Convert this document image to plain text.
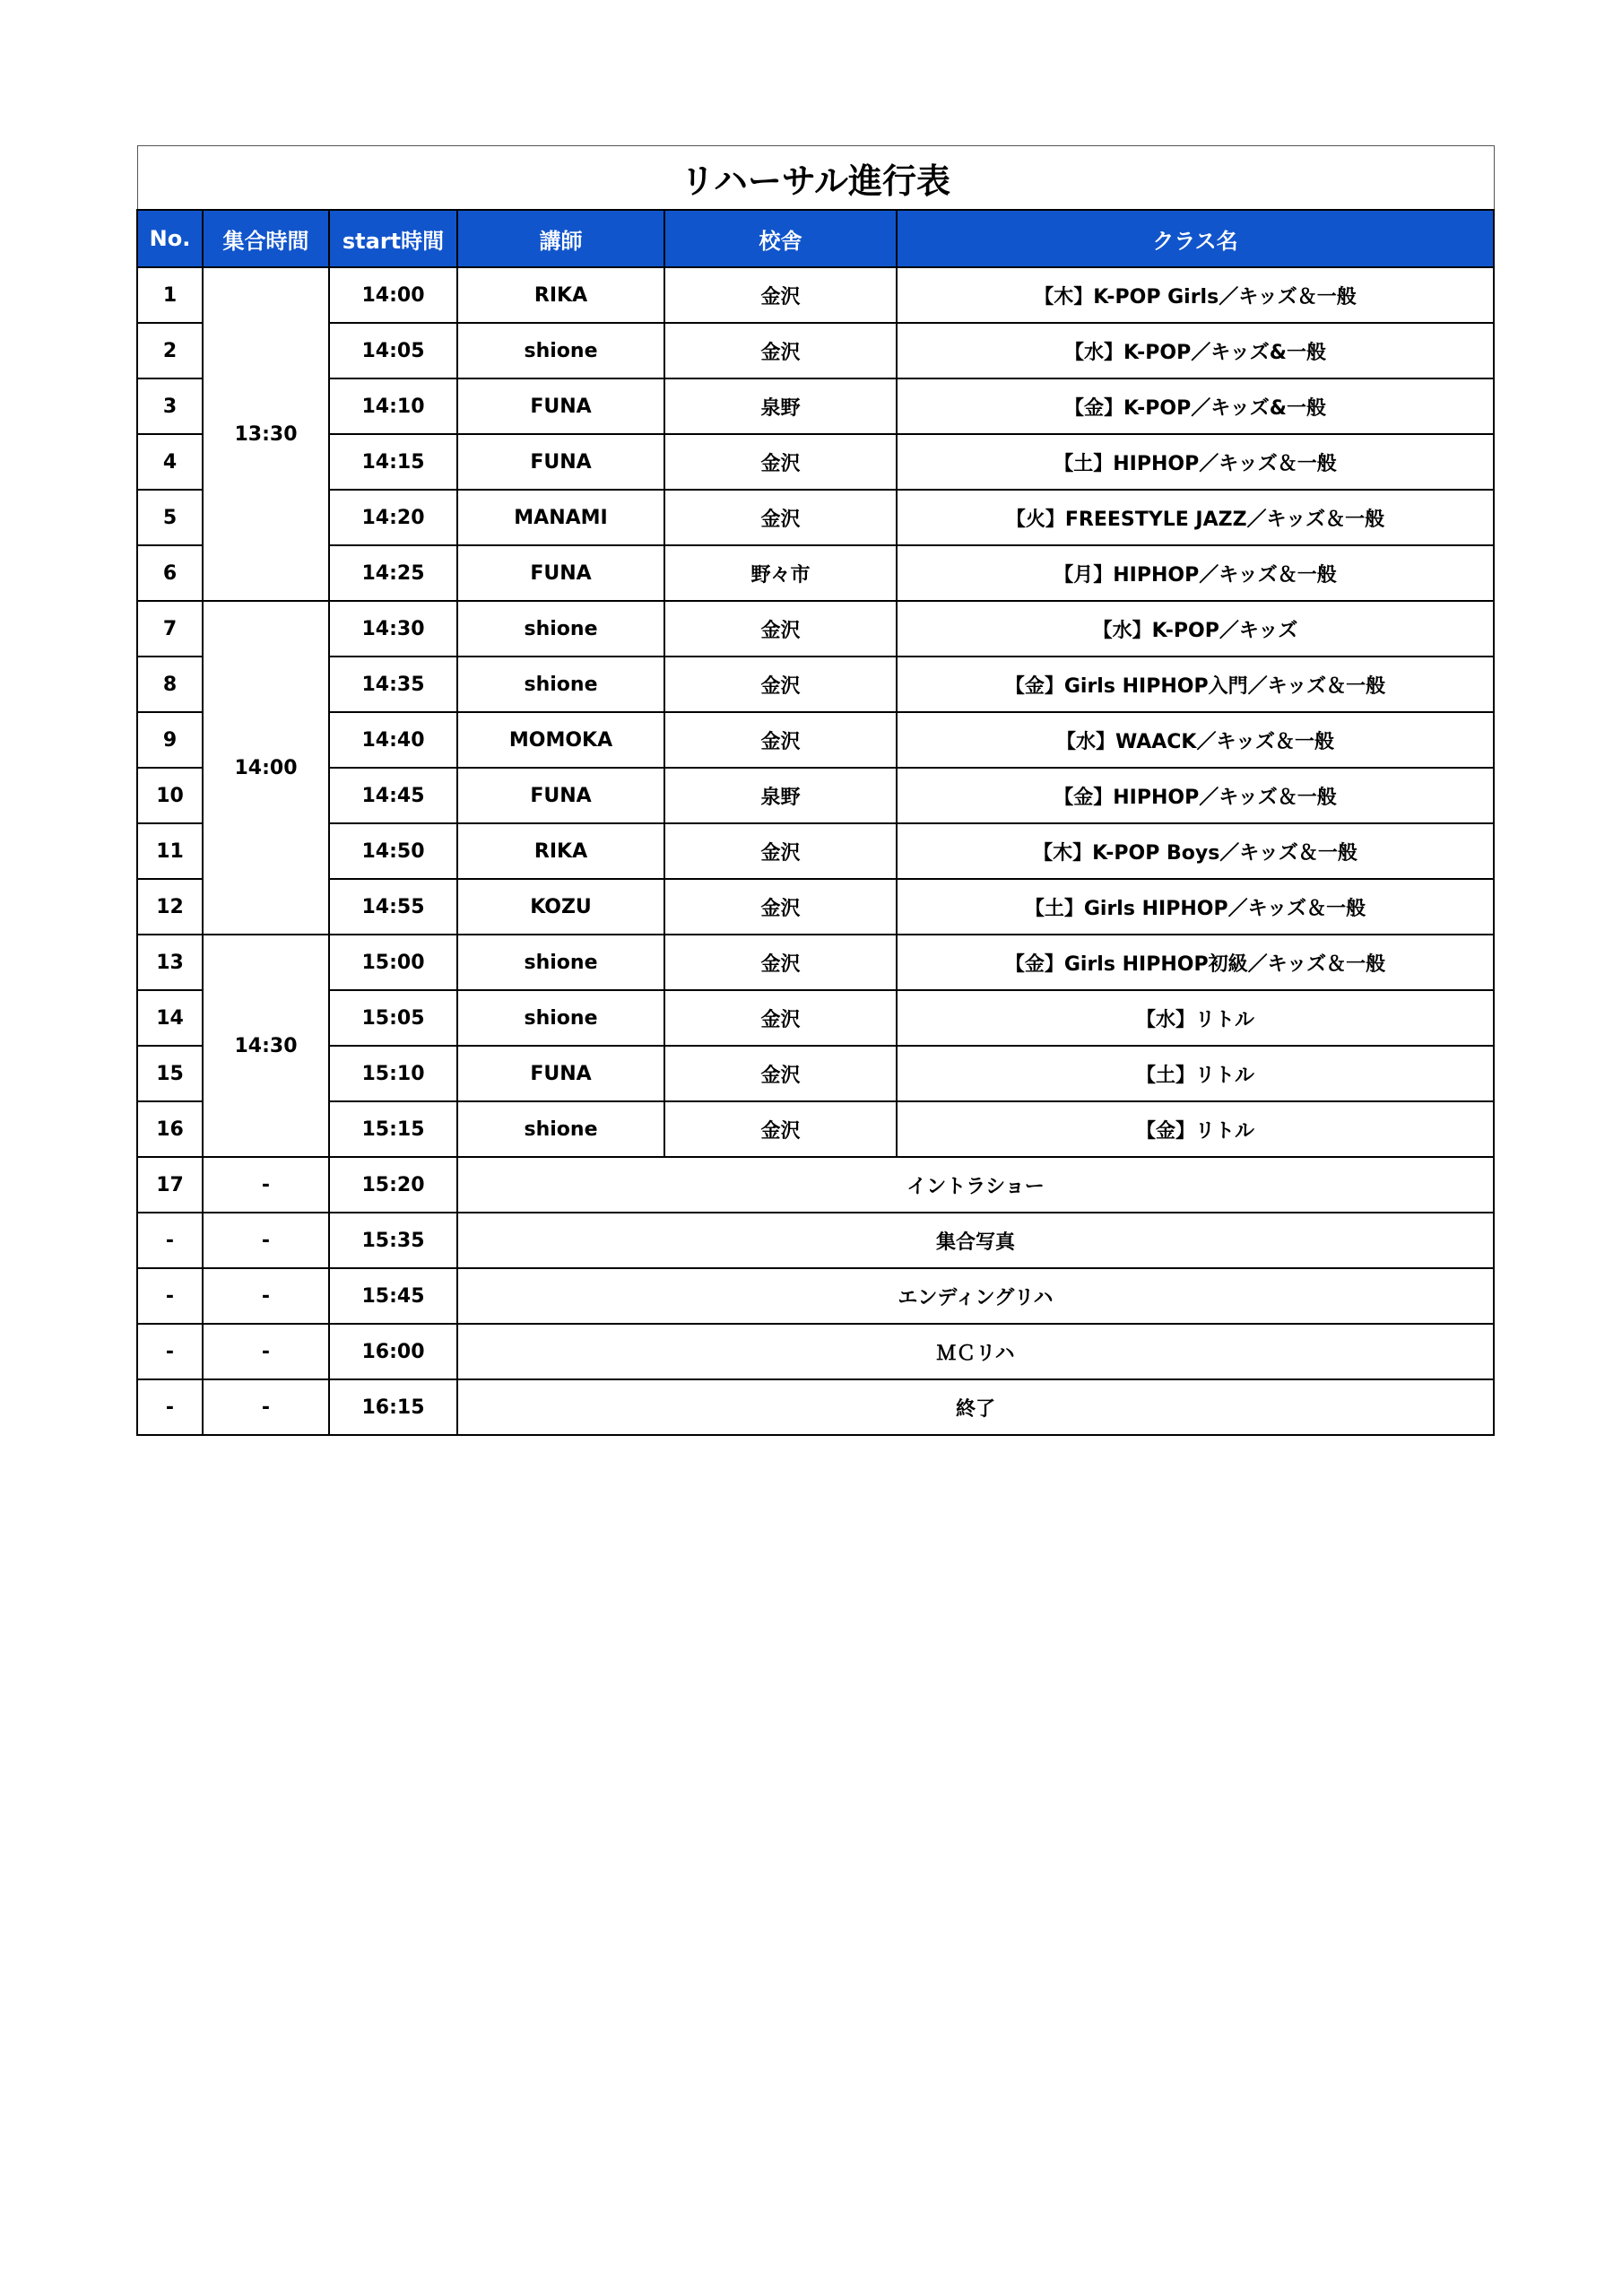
リハーサル進行表					
No.	集合時間	start時間	講師	校舎	クラス名
1	13:30	14:00	RIKA	金沢	【木】K-POP Girls／キッズ＆一般
2		14:05	shione	金沢	【水】K-POP／キッズ&一般
3		14:10	FUNA	泉野	【金】K-POP／キッズ&一般
4		14:15	FUNA	金沢	【土】HIPHOP／キッズ＆一般
5		14:20	MANAMI	金沢	【火】FREESTYLE JAZZ／キッズ＆一般
6		14:25	FUNA	野々市	【月】HIPHOP／キッズ＆一般
7	14:00	14:30	shione	金沢	【水】K-POP／キッズ
8		14:35	shione	金沢	【金】Girls HIPHOP入門／キッズ＆一般
9		14:40	MOMOKA	金沢	【水】WAACK／キッズ＆一般
10		14:45	FUNA	泉野	【金】HIPHOP／キッズ＆一般
11		14:50	RIKA	金沢	【木】K-POP Boys／キッズ＆一般
12		14:55	KOZU	金沢	【土】Girls HIPHOP／キッズ＆一般
13	14:30	15:00	shione	金沢	【金】Girls HIPHOP初級／キッズ＆一般
14		15:05	shione	金沢	【水】リトル
15		15:10	FUNA	金沢	【土】リトル
16		15:15	shione	金沢	【金】リトル
17	-	15:20	イントラショー		
-	-	15:35	集合写真		
-	-	15:45	エンディングリハ		
-	-	16:00	ＭＣリハ		
-	-	16:15	終了		
